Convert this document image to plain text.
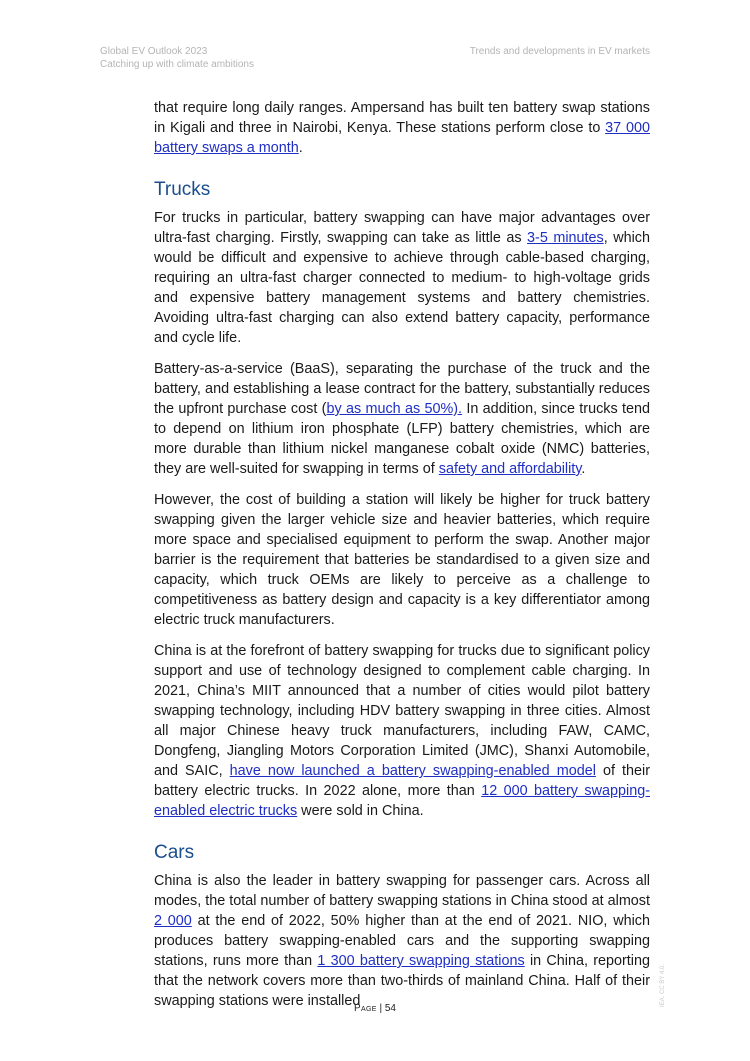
Global EV Outlook 2023
Catching up with climate ambitions
Trends and developments in EV markets

that require long daily ranges. Ampersand has built ten battery swap stations in Kigali and three in Nairobi, Kenya. These stations perform close to 37 000 battery swaps a month.

Trucks

For trucks in particular, battery swapping can have major advantages over ultra-fast charging. Firstly, swapping can take as little as 3-5 minutes, which would be difficult and expensive to achieve through cable-based charging, requiring an ultra-fast charger connected to medium- to high-voltage grids and expensive battery management systems and battery chemistries. Avoiding ultra-fast charging can also extend battery capacity, performance and cycle life.

Battery-as-a-service (BaaS), separating the purchase of the truck and the battery, and establishing a lease contract for the battery, substantially reduces the upfront purchase cost (by as much as 50%). In addition, since trucks tend to depend on lithium iron phosphate (LFP) battery chemistries, which are more durable than lithium nickel manganese cobalt oxide (NMC) batteries, they are well-suited for swapping in terms of safety and affordability.

However, the cost of building a station will likely be higher for truck battery swapping given the larger vehicle size and heavier batteries, which require more space and specialised equipment to perform the swap. Another major barrier is the requirement that batteries be standardised to a given size and capacity, which truck OEMs are likely to perceive as a challenge to competitiveness as battery design and capacity is a key differentiator among electric truck manufacturers.

China is at the forefront of battery swapping for trucks due to significant policy support and use of technology designed to complement cable charging. In 2021, China’s MIIT announced that a number of cities would pilot battery swapping technology, including HDV battery swapping in three cities. Almost all major Chinese heavy truck manufacturers, including FAW, CAMC, Dongfeng, Jiangling Motors Corporation Limited (JMC), Shanxi Automobile, and SAIC, have now launched a battery swapping-enabled model of their battery electric trucks. In 2022 alone, more than 12 000 battery swapping-enabled electric trucks were sold in China.

Cars

China is also the leader in battery swapping for passenger cars. Across all modes, the total number of battery swapping stations in China stood at almost 2 000 at the end of 2022, 50% higher than at the end of 2021. NIO, which produces battery swapping-enabled cars and the supporting swapping stations, runs more than 1 300 battery swapping stations in China, reporting that the network covers more than two-thirds of mainland China. Half of their swapping stations were installed

Page | 54
IEA. CC BY 4.0.
